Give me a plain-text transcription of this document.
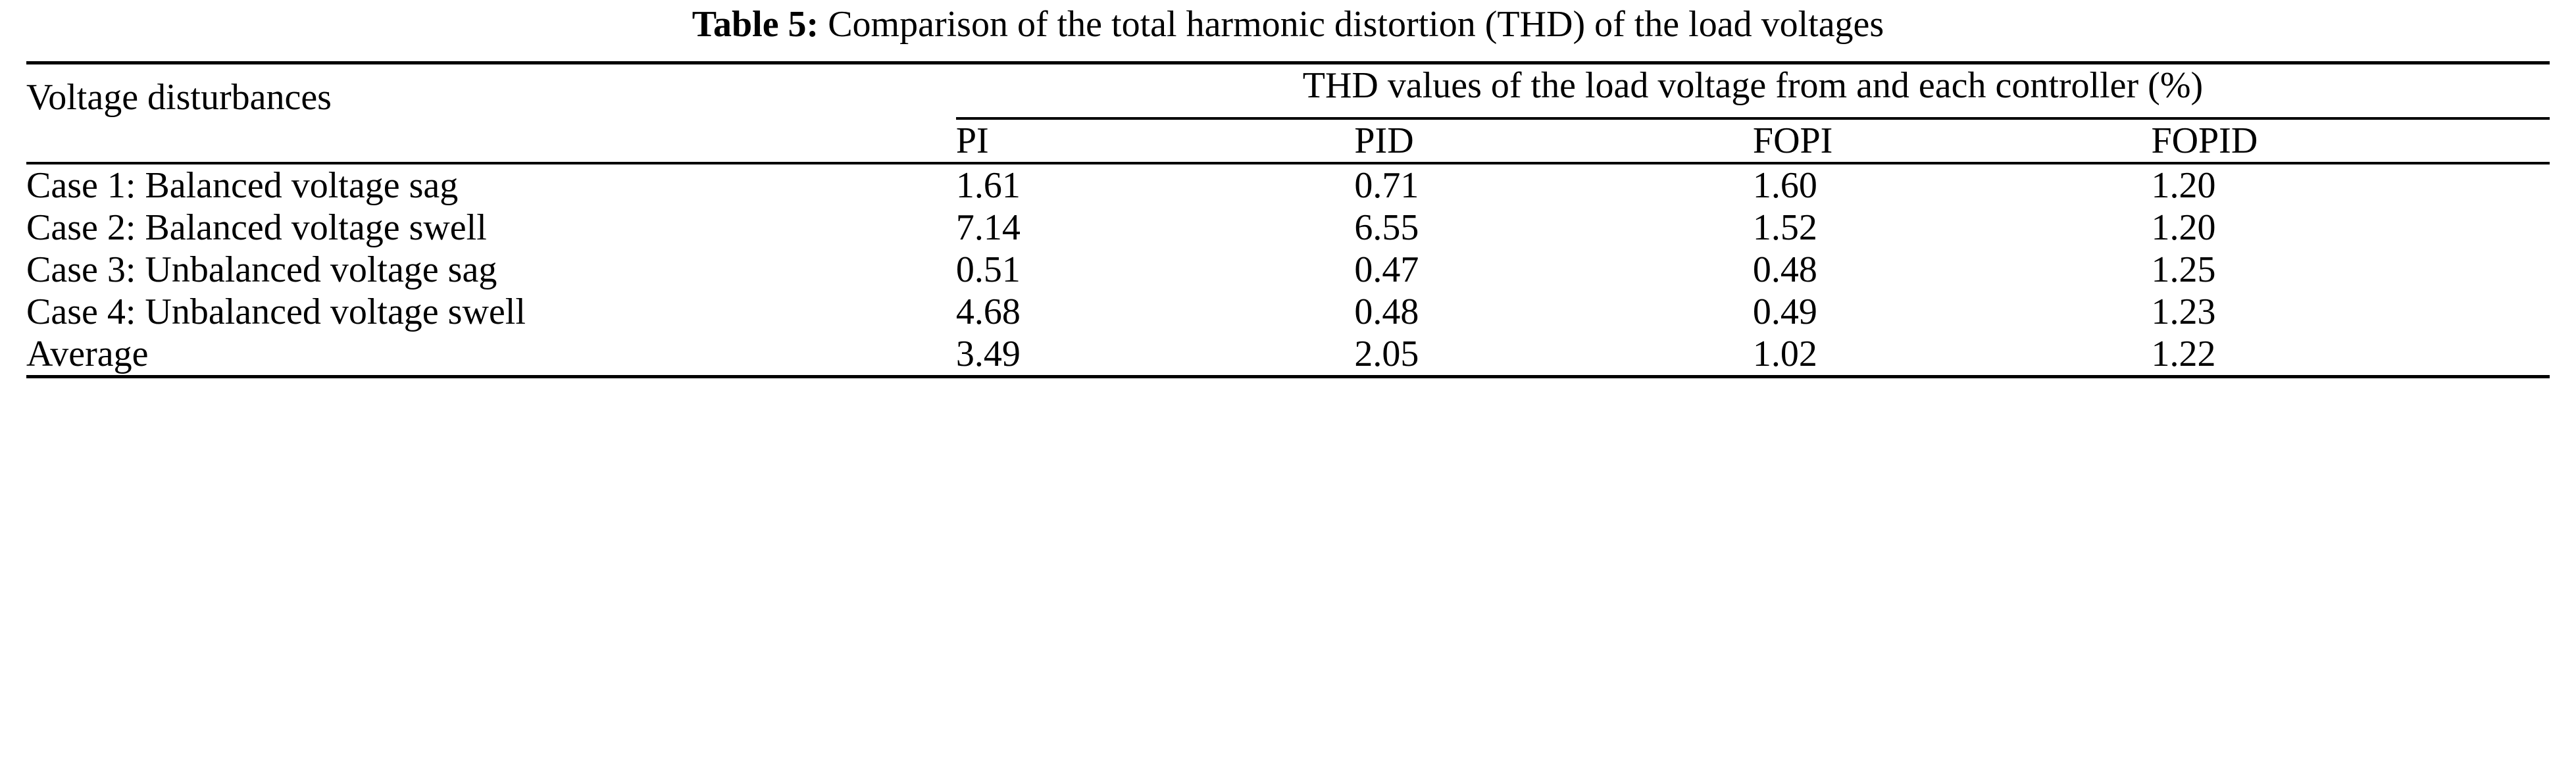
Table 5: Comparison of the total harmonic distortion (THD) of the load voltages
Voltage disturbances	THD values of the load voltage from and each controller (%)			
	PI	PID	FOPI	FOPID
Case 1: Balanced voltage sag	1.61	0.71	1.60	1.20
Case 2: Balanced voltage swell	7.14	6.55	1.52	1.20
Case 3: Unbalanced voltage sag	0.51	0.47	0.48	1.25
Case 4: Unbalanced voltage swell	4.68	0.48	0.49	1.23
Average	3.49	2.05	1.02	1.22
